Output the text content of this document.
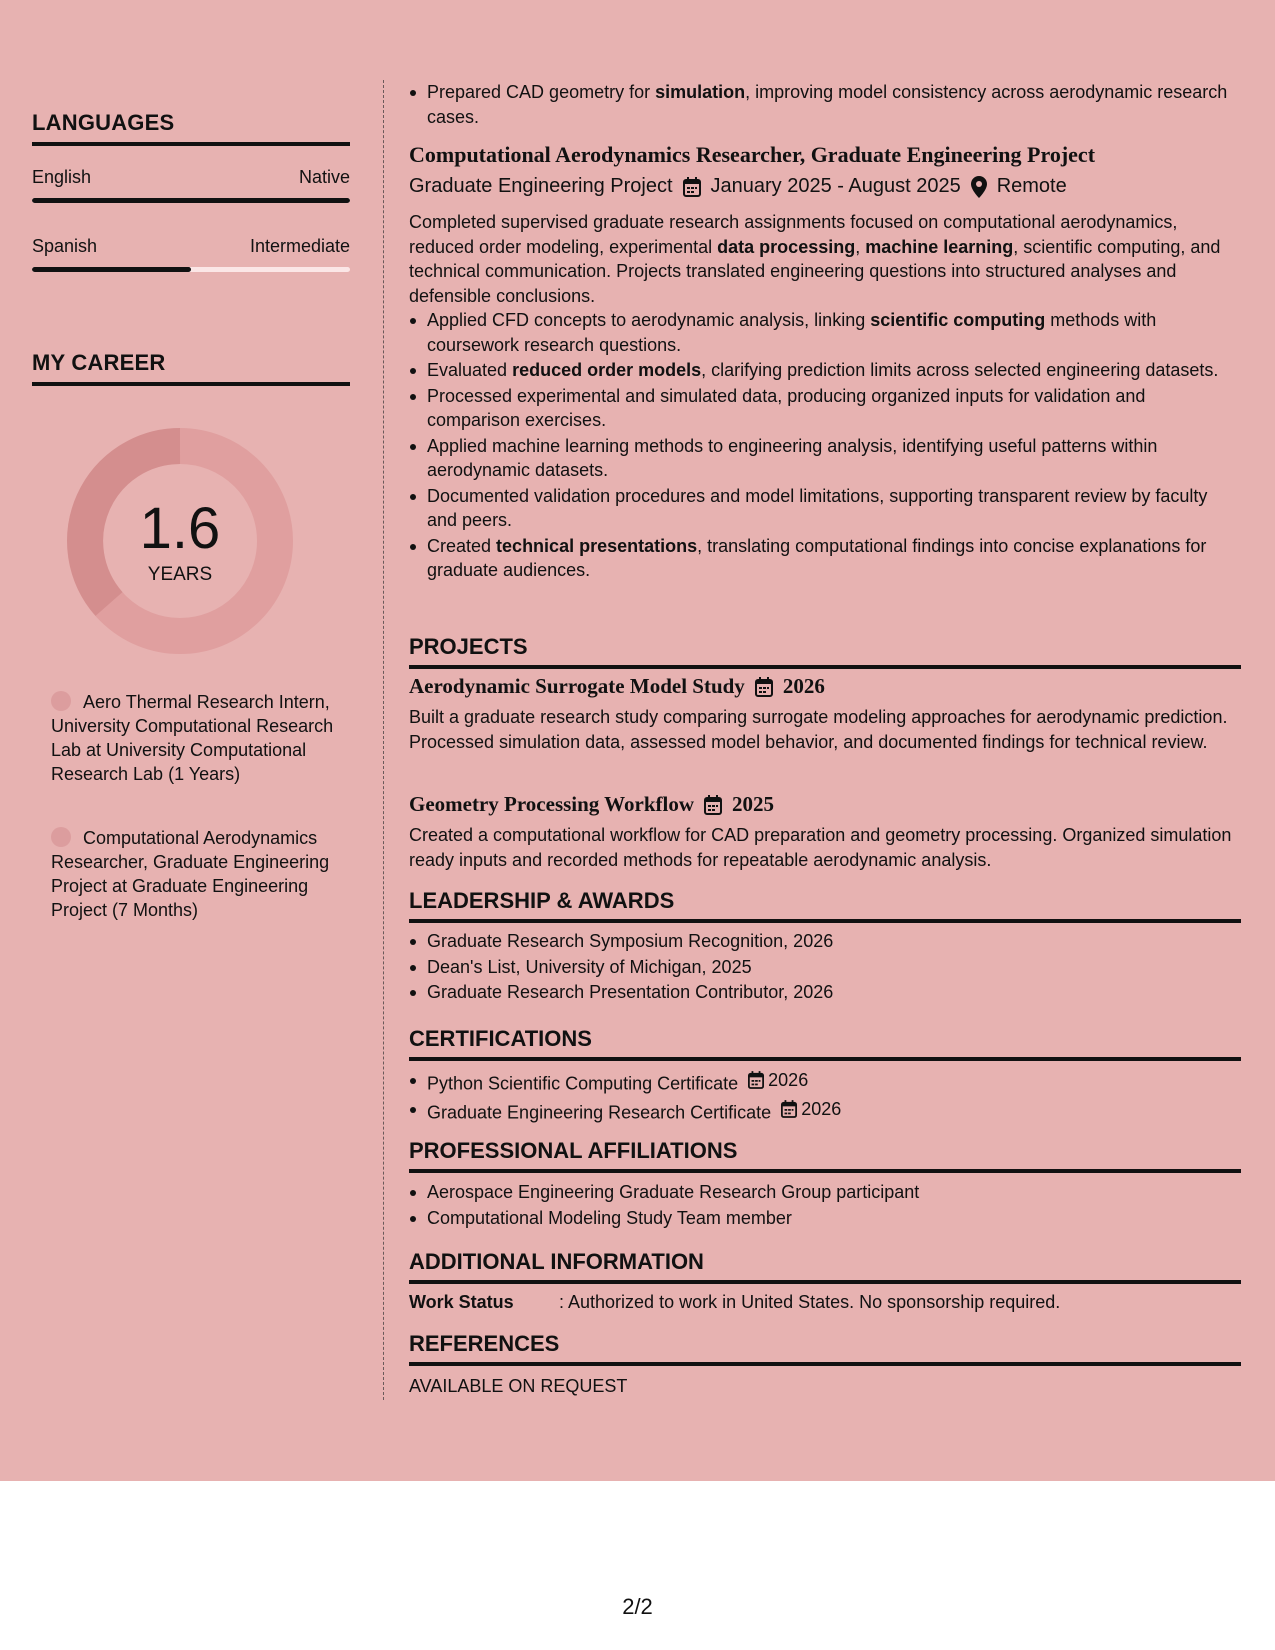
LANGUAGES
English	Native
Spanish	Intermediate
MY CAREER
1.6
YEARS
Aero Thermal Research Intern, University Computational Research Lab at University Computational Research Lab (1 Years)
Computational Aerodynamics Researcher, Graduate Engineering Project at Graduate Engineering Project (7 Months)
Prepared CAD geometry for simulation, improving model consistency across aerodynamic research cases.
Computational Aerodynamics Researcher, Graduate Engineering Project
Graduate Engineering Project January 2025 - August 2025 Remote
Completed supervised graduate research assignments focused on computational aerodynamics, reduced order modeling, experimental data processing, machine learning, scientific computing, and technical communication. Projects translated engineering questions into structured analyses and defensible conclusions.
Applied CFD concepts to aerodynamic analysis, linking scientific computing methods with coursework research questions.
Evaluated reduced order models, clarifying prediction limits across selected engineering datasets.
Processed experimental and simulated data, producing organized inputs for validation and comparison exercises.
Applied machine learning methods to engineering analysis, identifying useful patterns within aerodynamic datasets.
Documented validation procedures and model limitations, supporting transparent review by faculty and peers.
Created technical presentations, translating computational findings into concise explanations for graduate audiences.
PROJECTS
Aerodynamic Surrogate Model Study 2026
Built a graduate research study comparing surrogate modeling approaches for aerodynamic prediction. Processed simulation data, assessed model behavior, and documented findings for technical review.
Geometry Processing Workflow 2025
Created a computational workflow for CAD preparation and geometry processing. Organized simulation ready inputs and recorded methods for repeatable aerodynamic analysis.
LEADERSHIP & AWARDS
Graduate Research Symposium Recognition, 2026
Dean's List, University of Michigan, 2025
Graduate Research Presentation Contributor, 2026
CERTIFICATIONS
Python Scientific Computing Certificate 2026
Graduate Engineering Research Certificate 2026
PROFESSIONAL AFFILIATIONS
Aerospace Engineering Graduate Research Group participant
Computational Modeling Study Team member
ADDITIONAL INFORMATION
Work Status	: Authorized to work in United States. No sponsorship required.
REFERENCES
AVAILABLE ON REQUEST
2/2
